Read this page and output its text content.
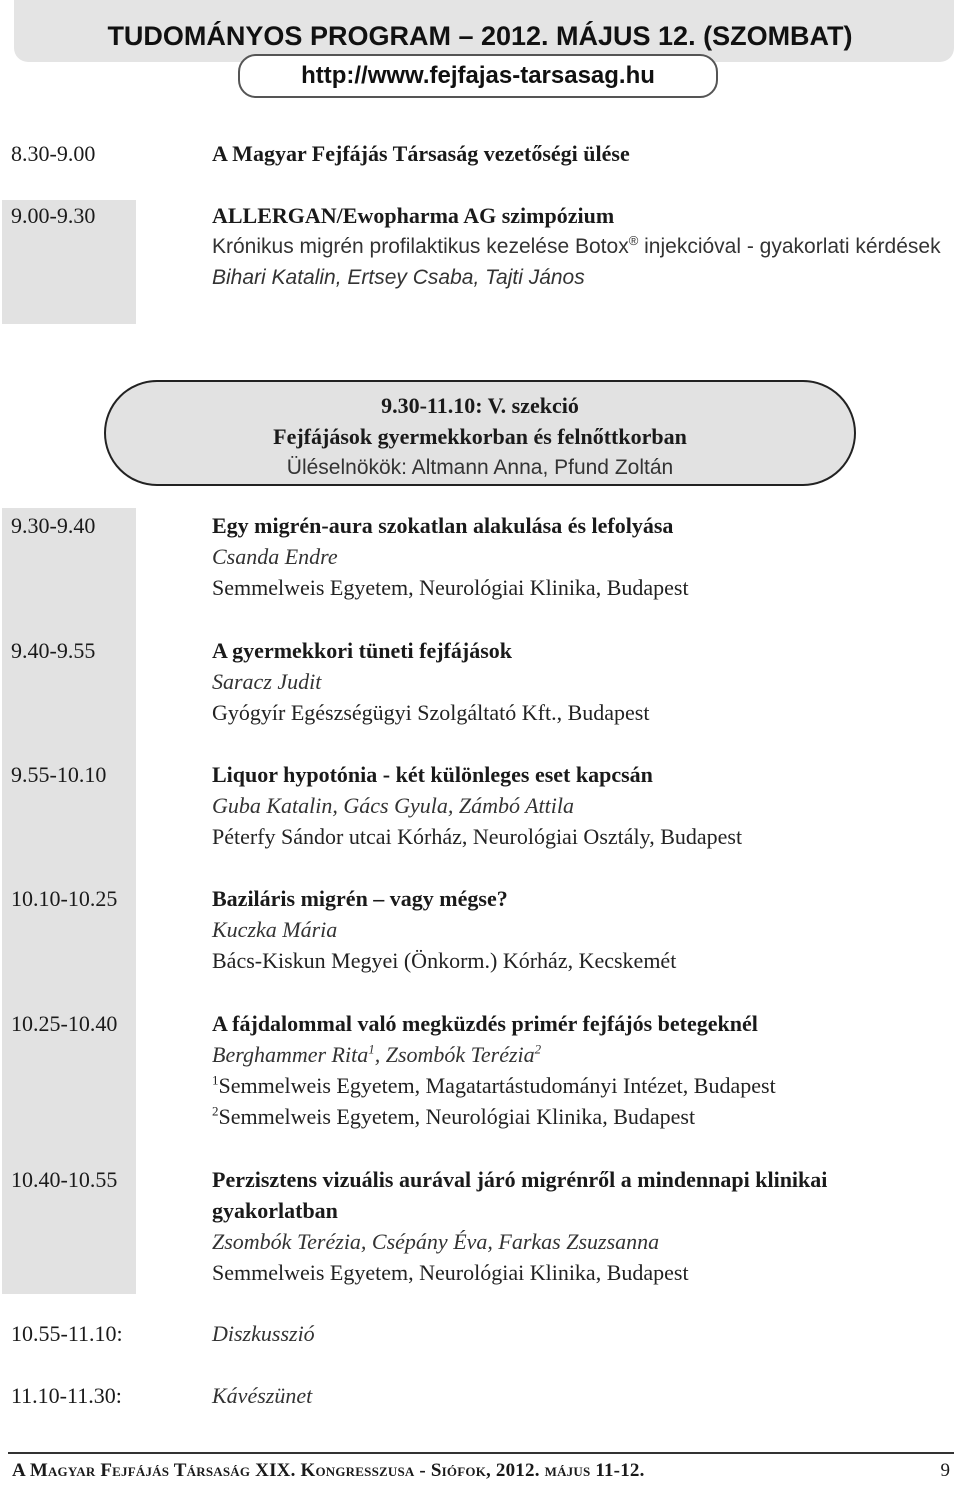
TUDOMÁNYOS PROGRAM – 2012. MÁJUS 12. (SZOMBAT)
http://www.fejfajas-tarsasag.hu
8.30-9.00	A Magyar Fejfájás Társaság vezetőségi ülése
9.00-9.30	ALLERGAN/Ewopharma AG szimpózium
Krónikus migrén profilaktikus kezelése Botox® injekcióval - gyakorlati kérdések
Bihari Katalin, Ertsey Csaba, Tajti János
9.30-11.10: V. szekció
Fejfájások gyermekkorban és felnőttkorban
Üléselnökök: Altmann Anna, Pfund Zoltán
9.30-9.40	Egy migrén-aura szokatlan alakulása és lefolyása
Csanda Endre
Semmelweis Egyetem, Neurológiai Klinika, Budapest
9.40-9.55	A gyermekkori tüneti fejfájások
Saracz Judit
Gyógyír Egészségügyi Szolgáltató Kft., Budapest
9.55-10.10	Liquor hypotónia - két különleges eset kapcsán
Guba Katalin, Gács Gyula, Zámbó Attila
Péterfy Sándor utcai Kórház, Neurológiai Osztály, Budapest
10.10-10.25	Baziláris migrén – vagy mégse?
Kuczka Mária
Bács-Kiskun Megyei (Önkorm.) Kórház, Kecskemét
10.25-10.40	A fájdalommal való megküzdés primér fejfájós betegeknél
Berghammer Rita$^1$, Zsombók Terézia$^2$
$^1$Semmelweis Egyetem, Magatartástudományi Intézet, Budapest
$^2$Semmelweis Egyetem, Neurológiai Klinika, Budapest
10.40-10.55	Perzisztens vizuális aurával járó migrénről a mindennapi klinikai gyakorlatban
Zsombók Terézia, Csépány Éva, Farkas Zsuzsanna
Semmelweis Egyetem, Neurológiai Klinika, Budapest
10.55-11.10:	Diszkusszió
11.10-11.30:	Kávészünet
A Magyar Fejfájás Társaság XIX. Kongresszusa - Siófok, 2012. május 11-12.	9
